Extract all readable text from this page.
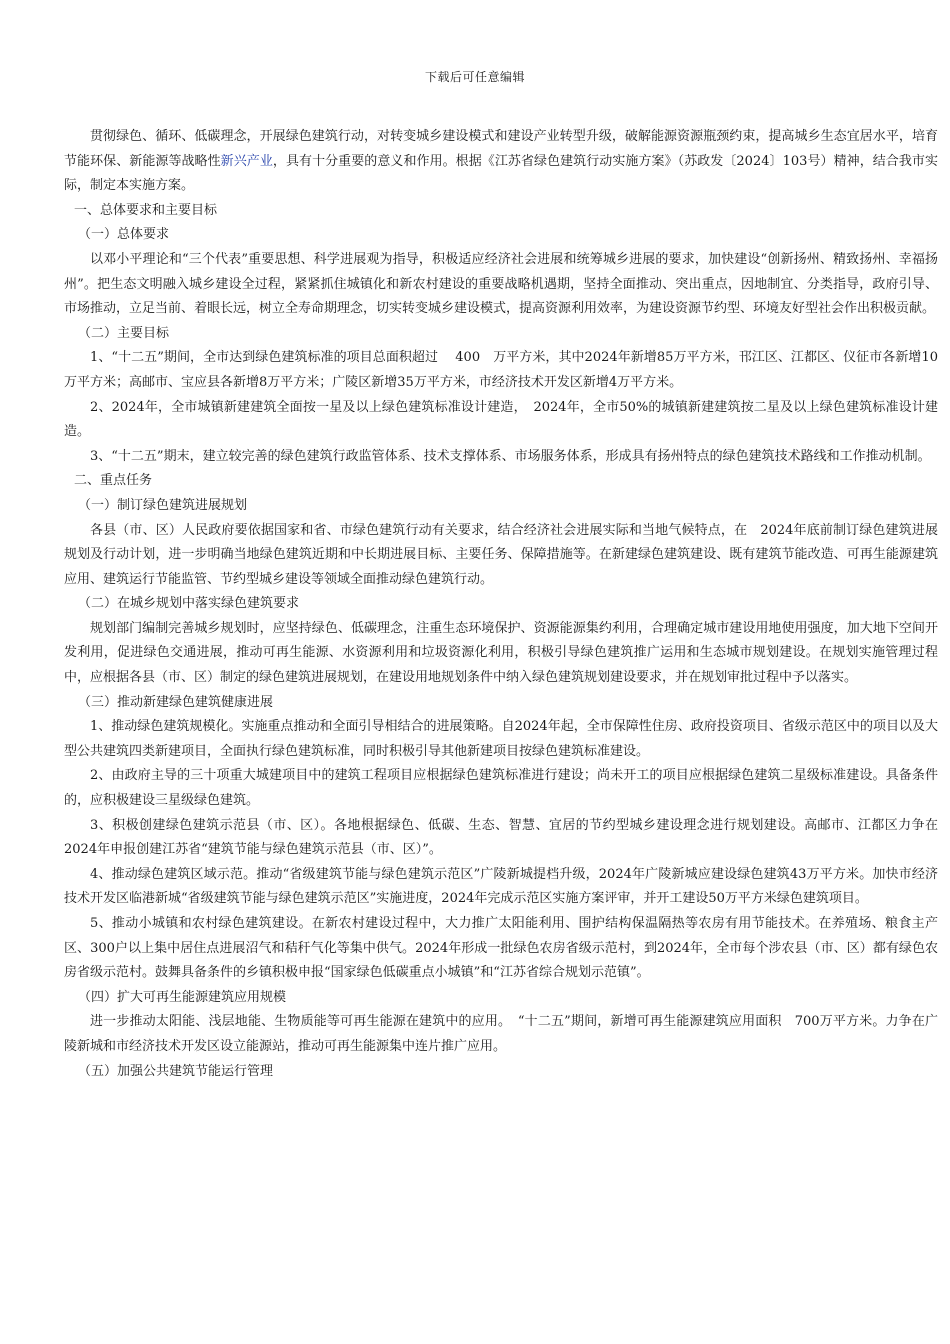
下载后可任意编辑

贯彻绿色、循环、低碳理念，开展绿色建筑行动，对转变城乡建设模式和建设产业转型升级，破解能源资源瓶颈约束，提高城乡生态宜居水平，培育节能环保、新能源等战略性新兴产业，具有十分重要的意义和作用。根据《江苏省绿色建筑行动实施方案》（苏政发〔2024〕103号）精神，结合我市实际，制定本实施方案。

一、总体要求和主要目标

（一）总体要求

以邓小平理论和“三个代表”重要思想、科学进展观为指导，积极适应经济社会进展和统筹城乡进展的要求，加快建设“创新扬州、精致扬州、幸福扬州”。把生态文明融入城乡建设全过程，紧紧抓住城镇化和新农村建设的重要战略机遇期，坚持全面推动、突出重点，因地制宜、分类指导，政府引导、市场推动，立足当前、着眼长远，树立全寿命期理念，切实转变城乡建设模式，提高资源利用效率，为建设资源节约型、环境友好型社会作出积极贡献。

（二）主要目标

1、“十二五”期间，全市达到绿色建筑标准的项目总面积超过　 400　万平方米，其中2024年新增85万平方米，邗江区、江都区、仪征市各新增10万平方米；高邮市、宝应县各新增8万平方米；广陵区新增35万平方米，市经济技术开发区新增4万平方米。

2、2024年，全市城镇新建建筑全面按一星及以上绿色建筑标准设计建造，　2024年，全市50%的城镇新建建筑按二星及以上绿色建筑标准设计建造。

3、“十二五”期末，建立较完善的绿色建筑行政监管体系、技术支撑体系、市场服务体系，形成具有扬州特点的绿色建筑技术路线和工作推动机制。

二、重点任务

（一）制订绿色建筑进展规划

各县（市、区）人民政府要依据国家和省、市绿色建筑行动有关要求，结合经济社会进展实际和当地气候特点，在　2024年底前制订绿色建筑进展规划及行动计划，进一步明确当地绿色建筑近期和中长期进展目标、主要任务、保障措施等。在新建绿色建筑建设、既有建筑节能改造、可再生能源建筑应用、建筑运行节能监管、节约型城乡建设等领域全面推动绿色建筑行动。

（二）在城乡规划中落实绿色建筑要求

规划部门编制完善城乡规划时，应坚持绿色、低碳理念，注重生态环境保护、资源能源集约利用，合理确定城市建设用地使用强度，加大地下空间开发利用，促进绿色交通进展，推动可再生能源、水资源利用和垃圾资源化利用，积极引导绿色建筑推广运用和生态城市规划建设。在规划实施管理过程中，应根据各县（市、区）制定的绿色建筑进展规划，在建设用地规划条件中纳入绿色建筑规划建设要求，并在规划审批过程中予以落实。

（三）推动新建绿色建筑健康进展

1、推动绿色建筑规模化。实施重点推动和全面引导相结合的进展策略。自2024年起，全市保障性住房、政府投资项目、省级示范区中的项目以及大型公共建筑四类新建项目，全面执行绿色建筑标准，同时积极引导其他新建项目按绿色建筑标准建设。

2、由政府主导的三十项重大城建项目中的建筑工程项目应根据绿色建筑标准进行建设；尚未开工的项目应根据绿色建筑二星级标准建设。具备条件的，应积极建设三星级绿色建筑。

3、积极创建绿色建筑示范县（市、区）。各地根据绿色、低碳、生态、智慧、宜居的节约型城乡建设理念进行规划建设。高邮市、江都区力争在2024年申报创建江苏省“建筑节能与绿色建筑示范县（市、区）”。

4、推动绿色建筑区域示范。推动“省级建筑节能与绿色建筑示范区”广陵新城提档升级，2024年广陵新城应建设绿色建筑43万平方米。加快市经济技术开发区临港新城“省级建筑节能与绿色建筑示范区”实施进度，2024年完成示范区实施方案评审，并开工建设50万平方米绿色建筑项目。

5、推动小城镇和农村绿色建筑建设。在新农村建设过程中，大力推广太阳能利用、围护结构保温隔热等农房有用节能技术。在养殖场、粮食主产区、300户以上集中居住点进展沼气和秸秆气化等集中供气。2024年形成一批绿色农房省级示范村，到2024年，全市每个涉农县（市、区）都有绿色农房省级示范村。鼓舞具备条件的乡镇积极申报“国家绿色低碳重点小城镇”和“江苏省综合规划示范镇”。

（四）扩大可再生能源建筑应用规模

进一步推动太阳能、浅层地能、生物质能等可再生能源在建筑中的应用。　“十二五”期间，新增可再生能源建筑应用面积　700万平方米。力争在广陵新城和市经济技术开发区设立能源站，推动可再生能源集中连片推广应用。

（五）加强公共建筑节能运行管理
